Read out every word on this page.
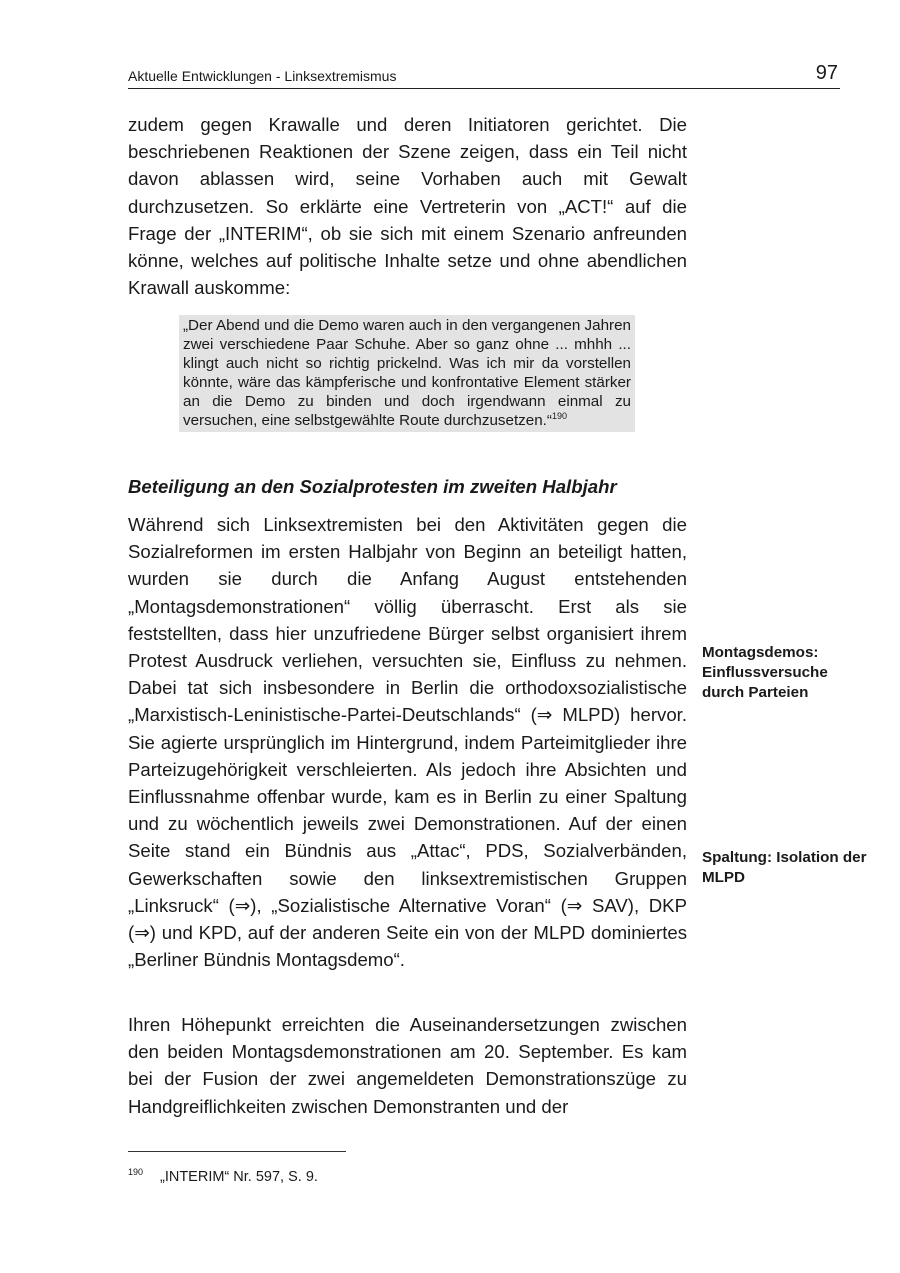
Aktuelle Entwicklungen - Linksextremismus	97

zudem gegen Krawalle und deren Initiatoren gerichtet. Die beschriebenen Reaktionen der Szene zeigen, dass ein Teil nicht davon ablassen wird, seine Vorhaben auch mit Gewalt durchzusetzen. So erklärte eine Vertreterin von „ACT!“ auf die Frage der „INTERIM“, ob sie sich mit einem Szenario anfreunden könne, welches auf politische Inhalte setze und ohne abendlichen Krawall auskomme:

„Der Abend und die Demo waren auch in den vergangenen Jahren zwei verschiedene Paar Schuhe. Aber so ganz ohne ... mhhh ... klingt auch nicht so richtig prickelnd. Was ich mir da vorstellen könnte, wäre das kämpferische und konfrontative Element stärker an die Demo zu binden und doch irgendwann einmal zu versuchen, eine selbstgewählte Route durchzusetzen.“$^{190}$
Beteiligung an den Sozialprotesten im zweiten Halbjahr

Während sich Linksextremisten bei den Aktivitäten gegen die Sozialreformen im ersten Halbjahr von Beginn an beteiligt hatten, wurden sie durch die Anfang August entstehenden „Montagsdemonstrationen“ völlig überrascht. Erst als sie feststellten, dass hier unzufriedene Bürger selbst organisiert ihrem Protest Ausdruck verliehen, versuchten sie, Einfluss zu nehmen. Dabei tat sich insbesondere in Berlin die orthodoxsozialistische „Marxistisch-Leninistische-Partei-Deutschlands“ (⇒ MLPD) hervor. Sie agierte ursprünglich im Hintergrund, indem Parteimitglieder ihre Parteizugehörigkeit verschleierten. Als jedoch ihre Absichten und Einflussnahme offenbar wurde, kam es in Berlin zu einer Spaltung und zu wöchentlich jeweils zwei Demonstrationen. Auf der einen Seite stand ein Bündnis aus „Attac“, PDS, Sozialverbänden, Gewerkschaften sowie den linksextremistischen Gruppen „Linksruck“ (⇒), „Sozialistische Alternative Voran“ (⇒ SAV), DKP (⇒) und KPD, auf der anderen Seite ein von der MLPD dominiertes „Berliner Bündnis Montagsdemo“.

Ihren Höhepunkt erreichten die Auseinandersetzungen zwischen den beiden Montagsdemonstrationen am 20. September. Es kam bei der Fusion der zwei angemeldeten Demonstrationszüge zu Handgreiflichkeiten zwischen Demonstranten und der

Montagsdemos: Einflussversuche durch Parteien
Spaltung: Isolation der MLPD
190 „INTERIM“ Nr. 597, S. 9.
